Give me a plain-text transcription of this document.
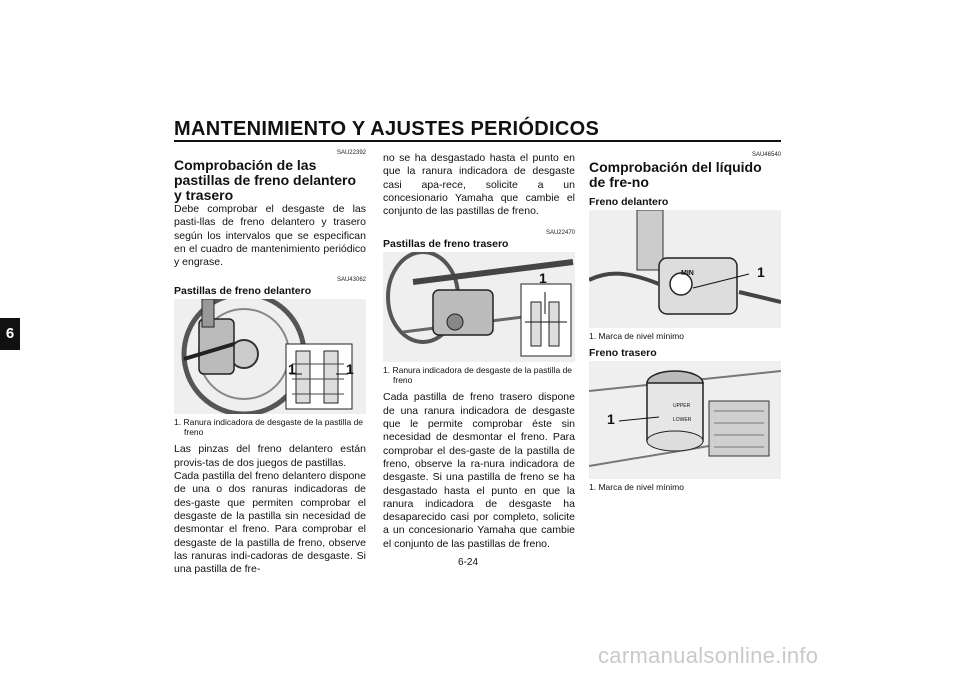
MANTENIMIENTO Y AJUSTES PERIÓDICOS
6
SAU22392
Comprobación de las pastillas de freno delantero y trasero

Debe comprobar el desgaste de las pasti-llas de freno delantero y trasero según los intervalos que se especifican en el cuadro de mantenimiento periódico y engrase.

SAU43062
Pastillas de freno delantero
1	1
1. Ranura indicadora de desgaste de la pastilla de freno

Las pinzas del freno delantero están provis-tas de dos juegos de pastillas.

Cada pastilla del freno delantero dispone de una o dos ranuras indicadoras de des-gaste que permiten comprobar el desgaste de la pastilla sin necesidad de desmontar el freno. Para comprobar el desgaste de la pastilla de freno, observe las ranuras indi-cadoras de desgaste. Si una pastilla de fre-

no se ha desgastado hasta el punto en que la ranura indicadora de desgaste casi apa-rece, solicite a un concesionario Yamaha que cambie el conjunto de las pastillas de freno.

SAU22470
Pastillas de freno trasero
1
1. Ranura indicadora de desgaste de la pastilla de freno

Cada pastilla de freno trasero dispone de una ranura indicadora de desgaste que le permite comprobar éste sin necesidad de desmontar el freno. Para comprobar el des-gaste de la pastilla de freno, observe la ra-nura indicadora de desgaste. Si una pastilla de freno se ha desgastado hasta el punto en que la ranura indicadora de desgaste ha desaparecido casi por completo, solicite a un concesionario Yamaha que cambie el conjunto de las pastillas de freno.

SAU46540
Comprobación del líquido de fre-no
Freno delantero
MIN	1
1. Marca de nivel mínimo
Freno trasero
UPPER
LOWER
1
1. Marca de nivel mínimo
6-24
carmanualsonline.info
